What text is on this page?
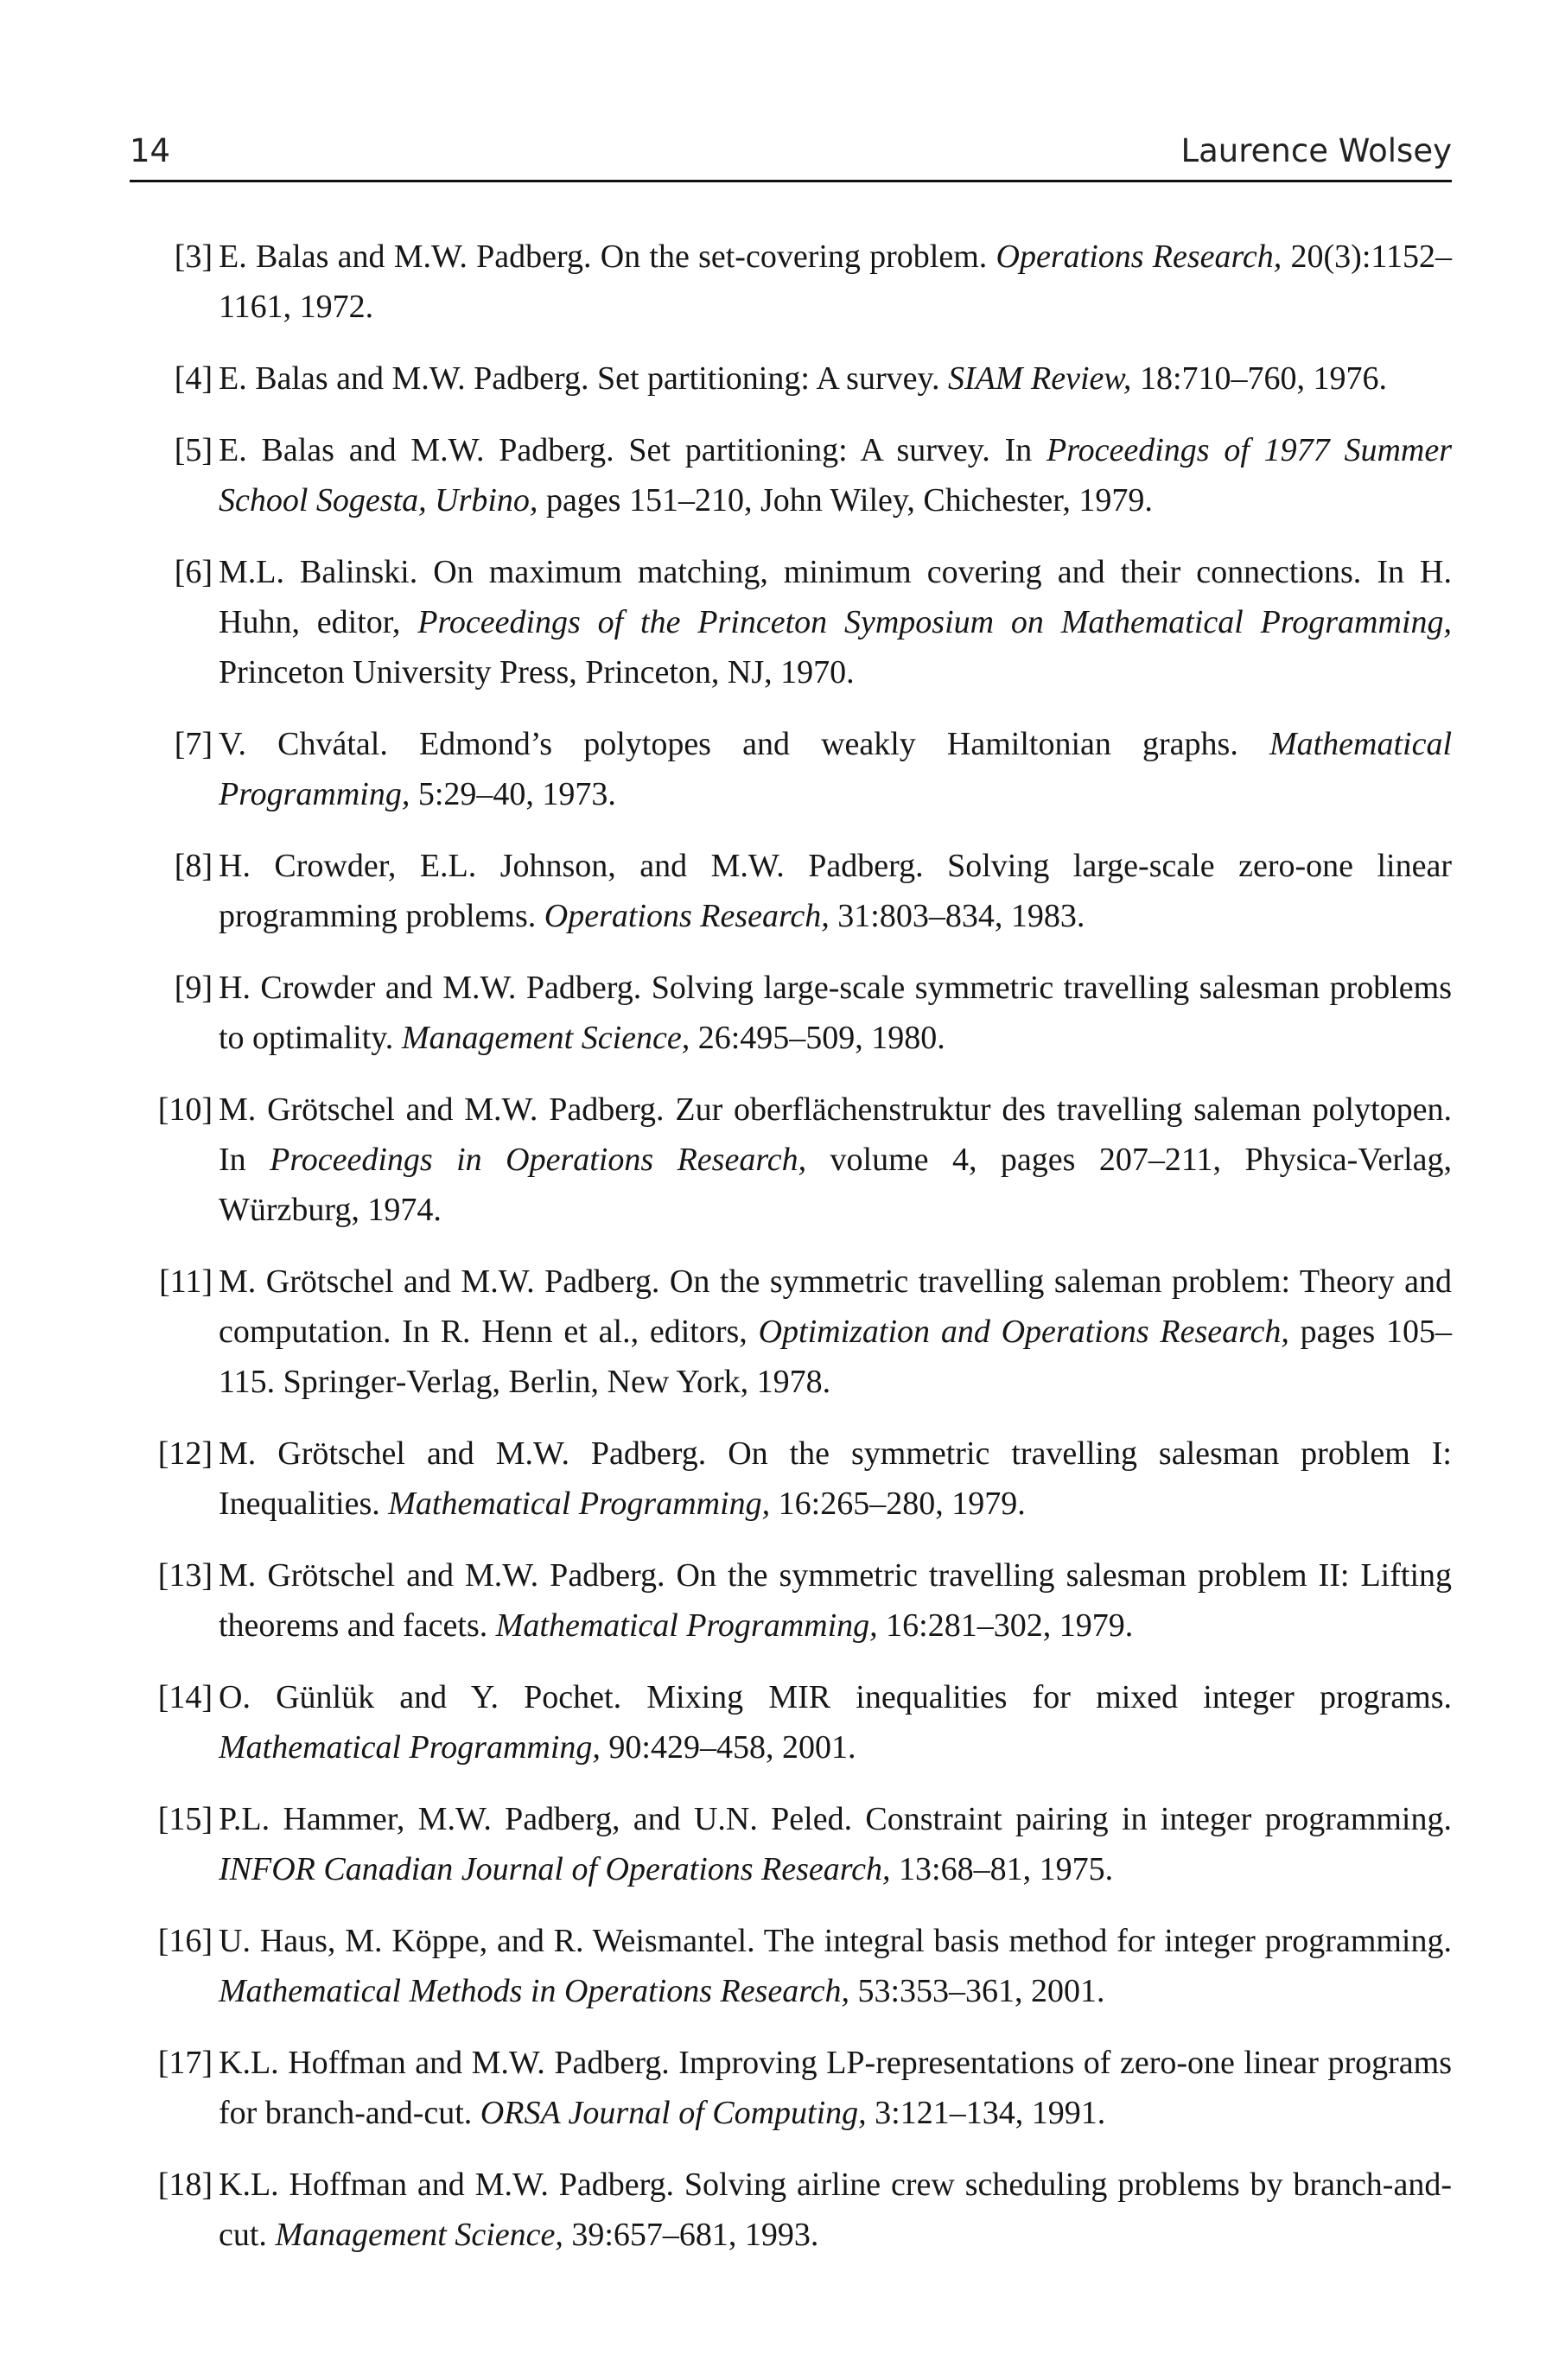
14	Laurence Wolsey
[3] E. Balas and M.W. Padberg. On the set-covering problem. Operations Research, 20(3):1152–1161, 1972.
[4] E. Balas and M.W. Padberg. Set partitioning: A survey. SIAM Review, 18:710–760, 1976.
[5] E. Balas and M.W. Padberg. Set partitioning: A survey. In Proceedings of 1977 Summer School Sogesta, Urbino, pages 151–210, John Wiley, Chichester, 1979.
[6] M.L. Balinski. On maximum matching, minimum covering and their connections. In H. Huhn, editor, Proceedings of the Princeton Symposium on Mathematical Programming, Princeton University Press, Princeton, NJ, 1970.
[7] V. Chvátal. Edmond’s polytopes and weakly Hamiltonian graphs. Mathematical Programming, 5:29–40, 1973.
[8] H. Crowder, E.L. Johnson, and M.W. Padberg. Solving large-scale zero-one linear programming problems. Operations Research, 31:803–834, 1983.
[9] H. Crowder and M.W. Padberg. Solving large-scale symmetric travelling salesman problems to optimality. Management Science, 26:495–509, 1980.
[10] M. Grötschel and M.W. Padberg. Zur oberflächenstruktur des travelling saleman polytopen. In Proceedings in Operations Research, volume 4, pages 207–211, Physica-Verlag, Würzburg, 1974.
[11] M. Grötschel and M.W. Padberg. On the symmetric travelling saleman problem: Theory and computation. In R. Henn et al., editors, Optimization and Operations Research, pages 105–115. Springer-Verlag, Berlin, New York, 1978.
[12] M. Grötschel and M.W. Padberg. On the symmetric travelling salesman problem I: Inequalities. Mathematical Programming, 16:265–280, 1979.
[13] M. Grötschel and M.W. Padberg. On the symmetric travelling salesman problem II: Lifting theorems and facets. Mathematical Programming, 16:281–302, 1979.
[14] O. Günlük and Y. Pochet. Mixing MIR inequalities for mixed integer programs. Mathematical Programming, 90:429–458, 2001.
[15] P.L. Hammer, M.W. Padberg, and U.N. Peled. Constraint pairing in integer programming. INFOR Canadian Journal of Operations Research, 13:68–81, 1975.
[16] U. Haus, M. Köppe, and R. Weismantel. The integral basis method for integer programming. Mathematical Methods in Operations Research, 53:353–361, 2001.
[17] K.L. Hoffman and M.W. Padberg. Improving LP-representations of zero-one linear programs for branch-and-cut. ORSA Journal of Computing, 3:121–134, 1991.
[18] K.L. Hoffman and M.W. Padberg. Solving airline crew scheduling problems by branch-and-cut. Management Science, 39:657–681, 1993.
